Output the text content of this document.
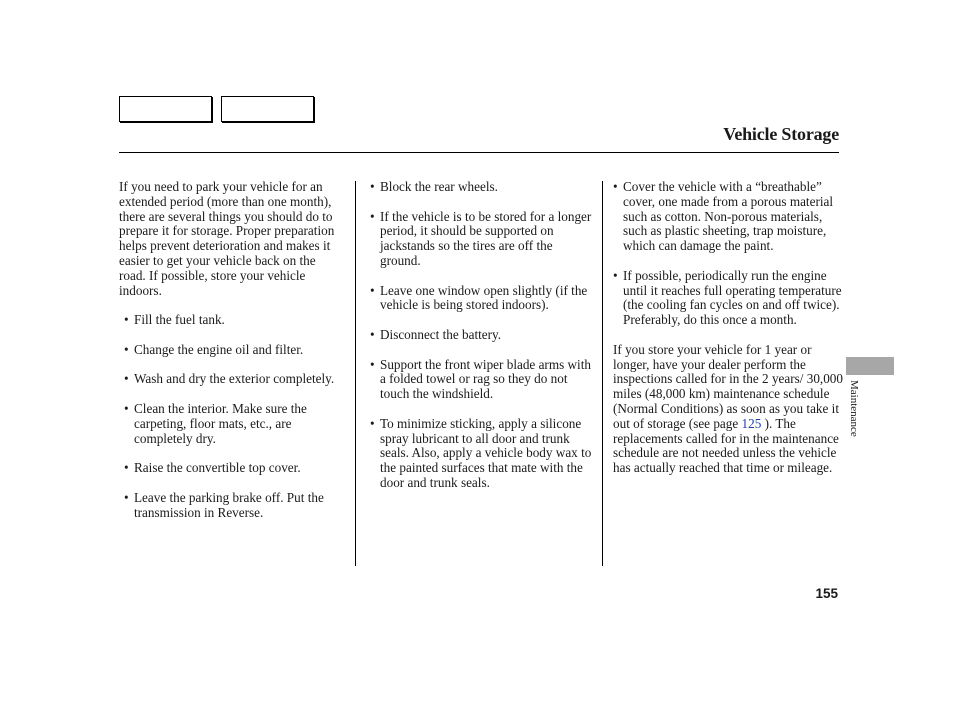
Vehicle Storage

If you need to park your vehicle for an extended period (more than one month), there are several things you should do to prepare it for storage. Proper preparation helps prevent deterioration and makes it easier to get your vehicle back on the road. If possible, store your vehicle indoors.

• Fill the fuel tank.
• Change the engine oil and filter.
• Wash and dry the exterior completely.
• Clean the interior. Make sure the carpeting, floor mats, etc., are completely dry.
• Raise the convertible top cover.
• Leave the parking brake off. Put the transmission in Reverse.
• Block the rear wheels.
• If the vehicle is to be stored for a longer period, it should be supported on jackstands so the tires are off the ground.
• Leave one window open slightly (if the vehicle is being stored indoors).
• Disconnect the battery.
• Support the front wiper blade arms with a folded towel or rag so they do not touch the windshield.
• To minimize sticking, apply a silicone spray lubricant to all door and trunk seals. Also, apply a vehicle body wax to the painted surfaces that mate with the door and trunk seals.
• Cover the vehicle with a “breathable” cover, one made from a porous material such as cotton. Non-porous materials, such as plastic sheeting, trap moisture, which can damage the paint.
• If possible, periodically run the engine until it reaches full operating temperature (the cooling fan cycles on and off twice). Preferably, do this once a month.

If you store your vehicle for 1 year or longer, have your dealer perform the inspections called for in the 2 years/ 30,000 miles (48,000 km) maintenance schedule (Normal Conditions) as soon as you take it out of storage (see page 125 ). The replacements called for in the maintenance schedule are not needed unless the vehicle has actually reached that time or mileage.

Maintenance
155
